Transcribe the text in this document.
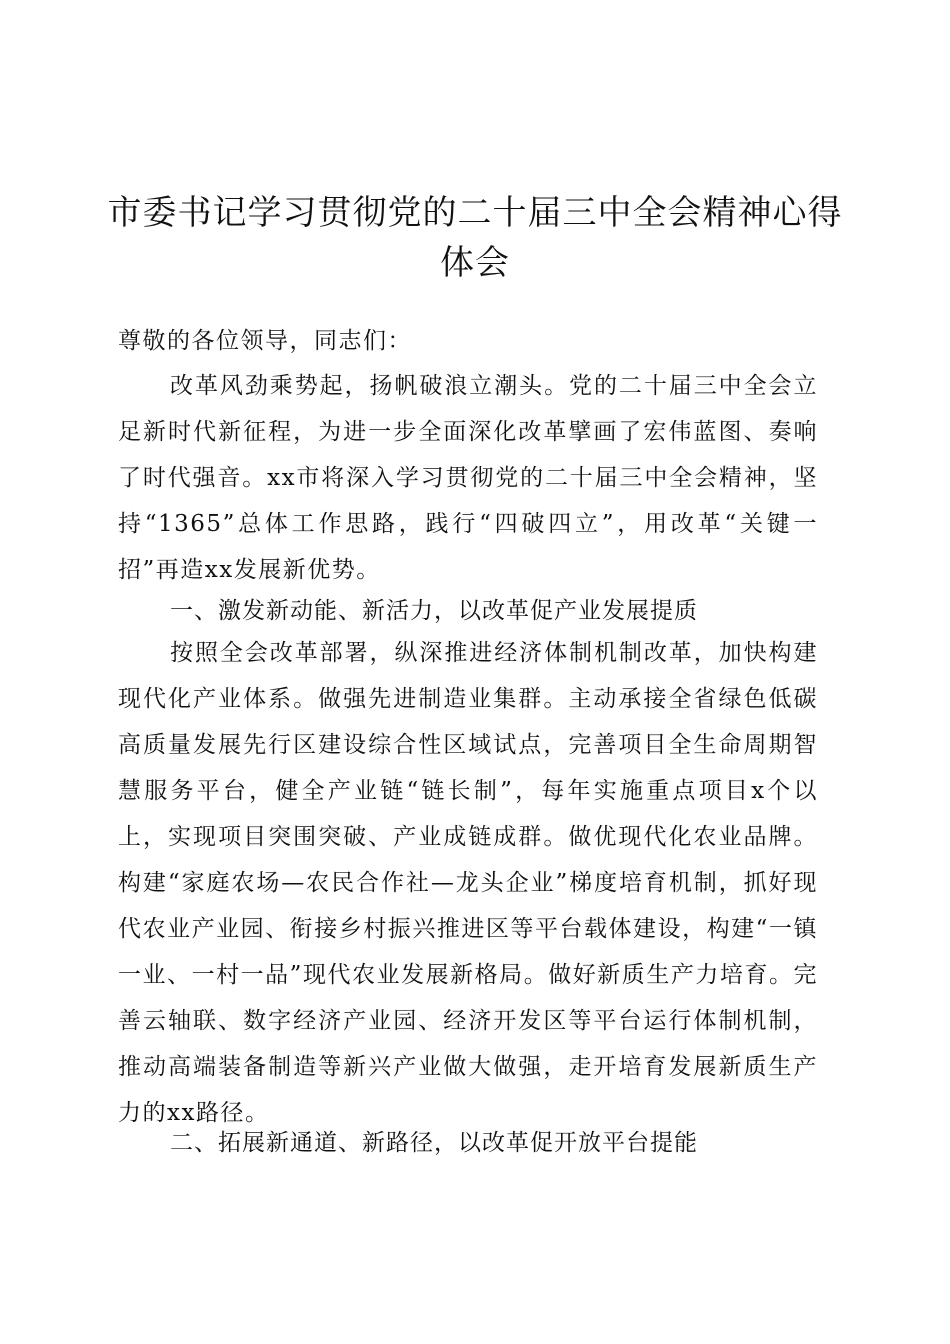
市委书记学习贯彻党的二十届三中全会精神心得体会

尊敬的各位领导，同志们：

改革风劲乘势起，扬帆破浪立潮头。党的二十届三中全会立足新时代新征程，为进一步全面深化改革擘画了宏伟蓝图、奏响了时代强音。xx市将深入学习贯彻党的二十届三中全会精神，坚持“1365”总体工作思路，践行“四破四立”，用改革“关键一招”再造xx发展新优势。

一、激发新动能、新活力，以改革促产业发展提质

按照全会改革部署，纵深推进经济体制机制改革，加快构建现代化产业体系。做强先进制造业集群。主动承接全省绿色低碳高质量发展先行区建设综合性区域试点，完善项目全生命周期智慧服务平台，健全产业链“链长制”，每年实施重点项目x个以上，实现项目突围突破、产业成链成群。做优现代化农业品牌。构建“家庭农场—农民合作社—龙头企业”梯度培育机制，抓好现代农业产业园、衔接乡村振兴推进区等平台载体建设，构建“一镇一业、一村一品”现代农业发展新格局。做好新质生产力培育。完善云轴联、数字经济产业园、经济开发区等平台运行体制机制，推动高端装备制造等新兴产业做大做强，走开培育发展新质生产力的xx路径。

二、拓展新通道、新路径，以改革促开放平台提能
